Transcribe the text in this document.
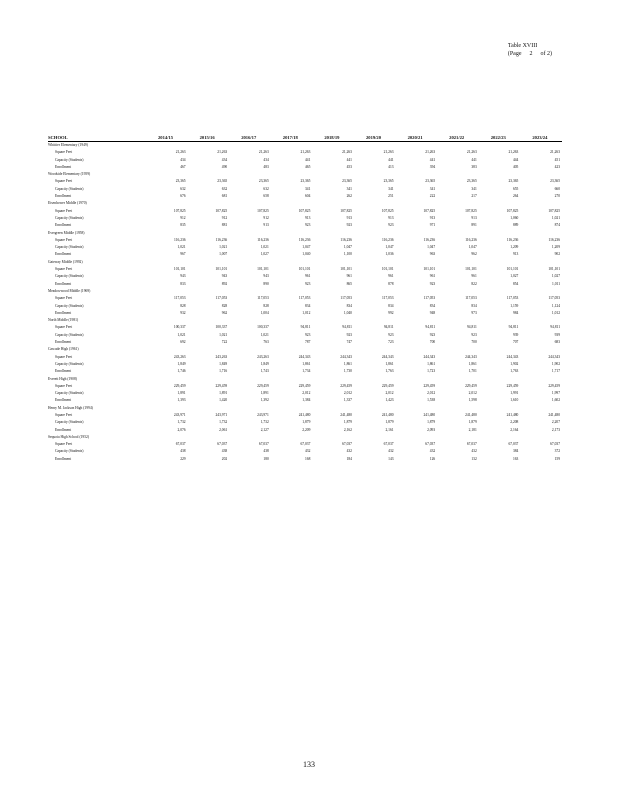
Table XVIII
(Page 2 of 2)
SCHOOL	2014/15	2015/16	2016/17	2017/18	2018/19	2019/20	2020/21	2021/22	2022/23	2023/24
Whittier Elementary (1949)										
Square Feet	21,263	21,263	21,263	21,263	21,263	21,263	21,263	21,263	21,263	21,263
Capacity (Students)	434	434	434	441	441	441	441	441	444	451
Enrollment	467	490	483	465	453	413	394	383	405	423
Woodside Elementary (1959)										
Square Feet	23,365	23,365	23,365	23,365	23,365	23,365	23,365	23,365	23,365	23,365
Capacity (Students)	632	632	632	341	341	341	341	341	655	660
Enrollment	676	681	658	604	262	251	222	217	264	270
Eisenhower Middle (1970)										
Square Feet	107,825	107,825	107,825	107,825	107,825	107,825	107,825	107,825	107,825	107,825
Capacity (Students)	912	912	912	913	913	913	913	913	1,060	1,021
Enrollment	835	881	913	923	923	923	971	891	889	874
Evergreen Middle (1958)										
Square Feet	116,236	116,236	116,236	116,236	116,236	116,236	116,236	116,236	116,236	116,236
Capacity (Students)	1,021	1,021	1,021	1,047	1,047	1,047	1,047	1,047	1,209	1,209
Enrollment	967	1,007	1,027	1,040	1,100	1,036	963	962	913	902
Gateway Middle (1992)										
Square Feet	101,101	101,101	101,101	101,101	101,101	101,101	101,101	101,101	101,101	101,101
Capacity (Students)	943	943	943	961	961	961	961	961	1,027	1,027
Enrollment	833	892	890	923	865	878	923	822	854	1,011
Meadowwood Middle (1969)										
Square Feet	117,053	117,053	117,053	117,053	117,053	117,053	117,053	117,053	117,053	117,053
Capacity (Students)	828	828	828	834	834	834	834	834	1,159	1,124
Enrollment	932	962	1,004	1,012	1,040	992	948	973	984	1,012
North Middle (1981)										
Square Feet	100,337	100,337	100,337	94,811	94,811	94,811	94,811	94,811	94,811	94,811
Capacity (Students)	1,021	1,021	1,021	923	923	923	923	923	939	939
Enrollment	692	722	763	787	747	723	700	700	707	683
Cascade High (1961)										
Square Feet	243,263	243,263	243,263	244,343	244,343	244,343	244,343	244,343	244,343	244,343
Capacity (Students)	1,849	1,849	1,849	1,861	1,861	1,861	1,861	1,861	1,902	1,902
Enrollment	1,746	1,716	1,743	1,734	1,730	1,763	1,723	1,701	1,763	1,717
Everett High (1908)										
Square Feet	229,459	229,459	229,459	229,459	229,459	229,459	229,459	229,459	229,459	229,459
Capacity (Students)	1,891	1,891	1,891	2,012	2,012	2,012	2,012	2,012	1,991	1,997
Enrollment	1,393	1,420	1,392	1,384	1,337	1,423	1,538	1,598	1,610	1,602
Henry M. Jackson High (1994)										
Square Feet	243,971	243,971	243,971	241,480	241,480	241,480	241,480	241,480	241,480	241,480
Capacity (Students)	1,732	1,732	1,732	1,879	1,879	1,879	1,879	1,879	2,208	2,207
Enrollment	2,076	2,061	2,127	2,209	2,162	2,161	2,093	2,181	2,164	2,173
Sequoia High School (1952)										
Square Feet	67,037	67,037	67,037	67,037	67,037	67,037	67,037	67,037	67,037	67,037
Capacity (Students)	438	438	438	432	432	432	432	432	384	372
Enrollment	229	202	180	168	184	143	126	132	163	159
133
